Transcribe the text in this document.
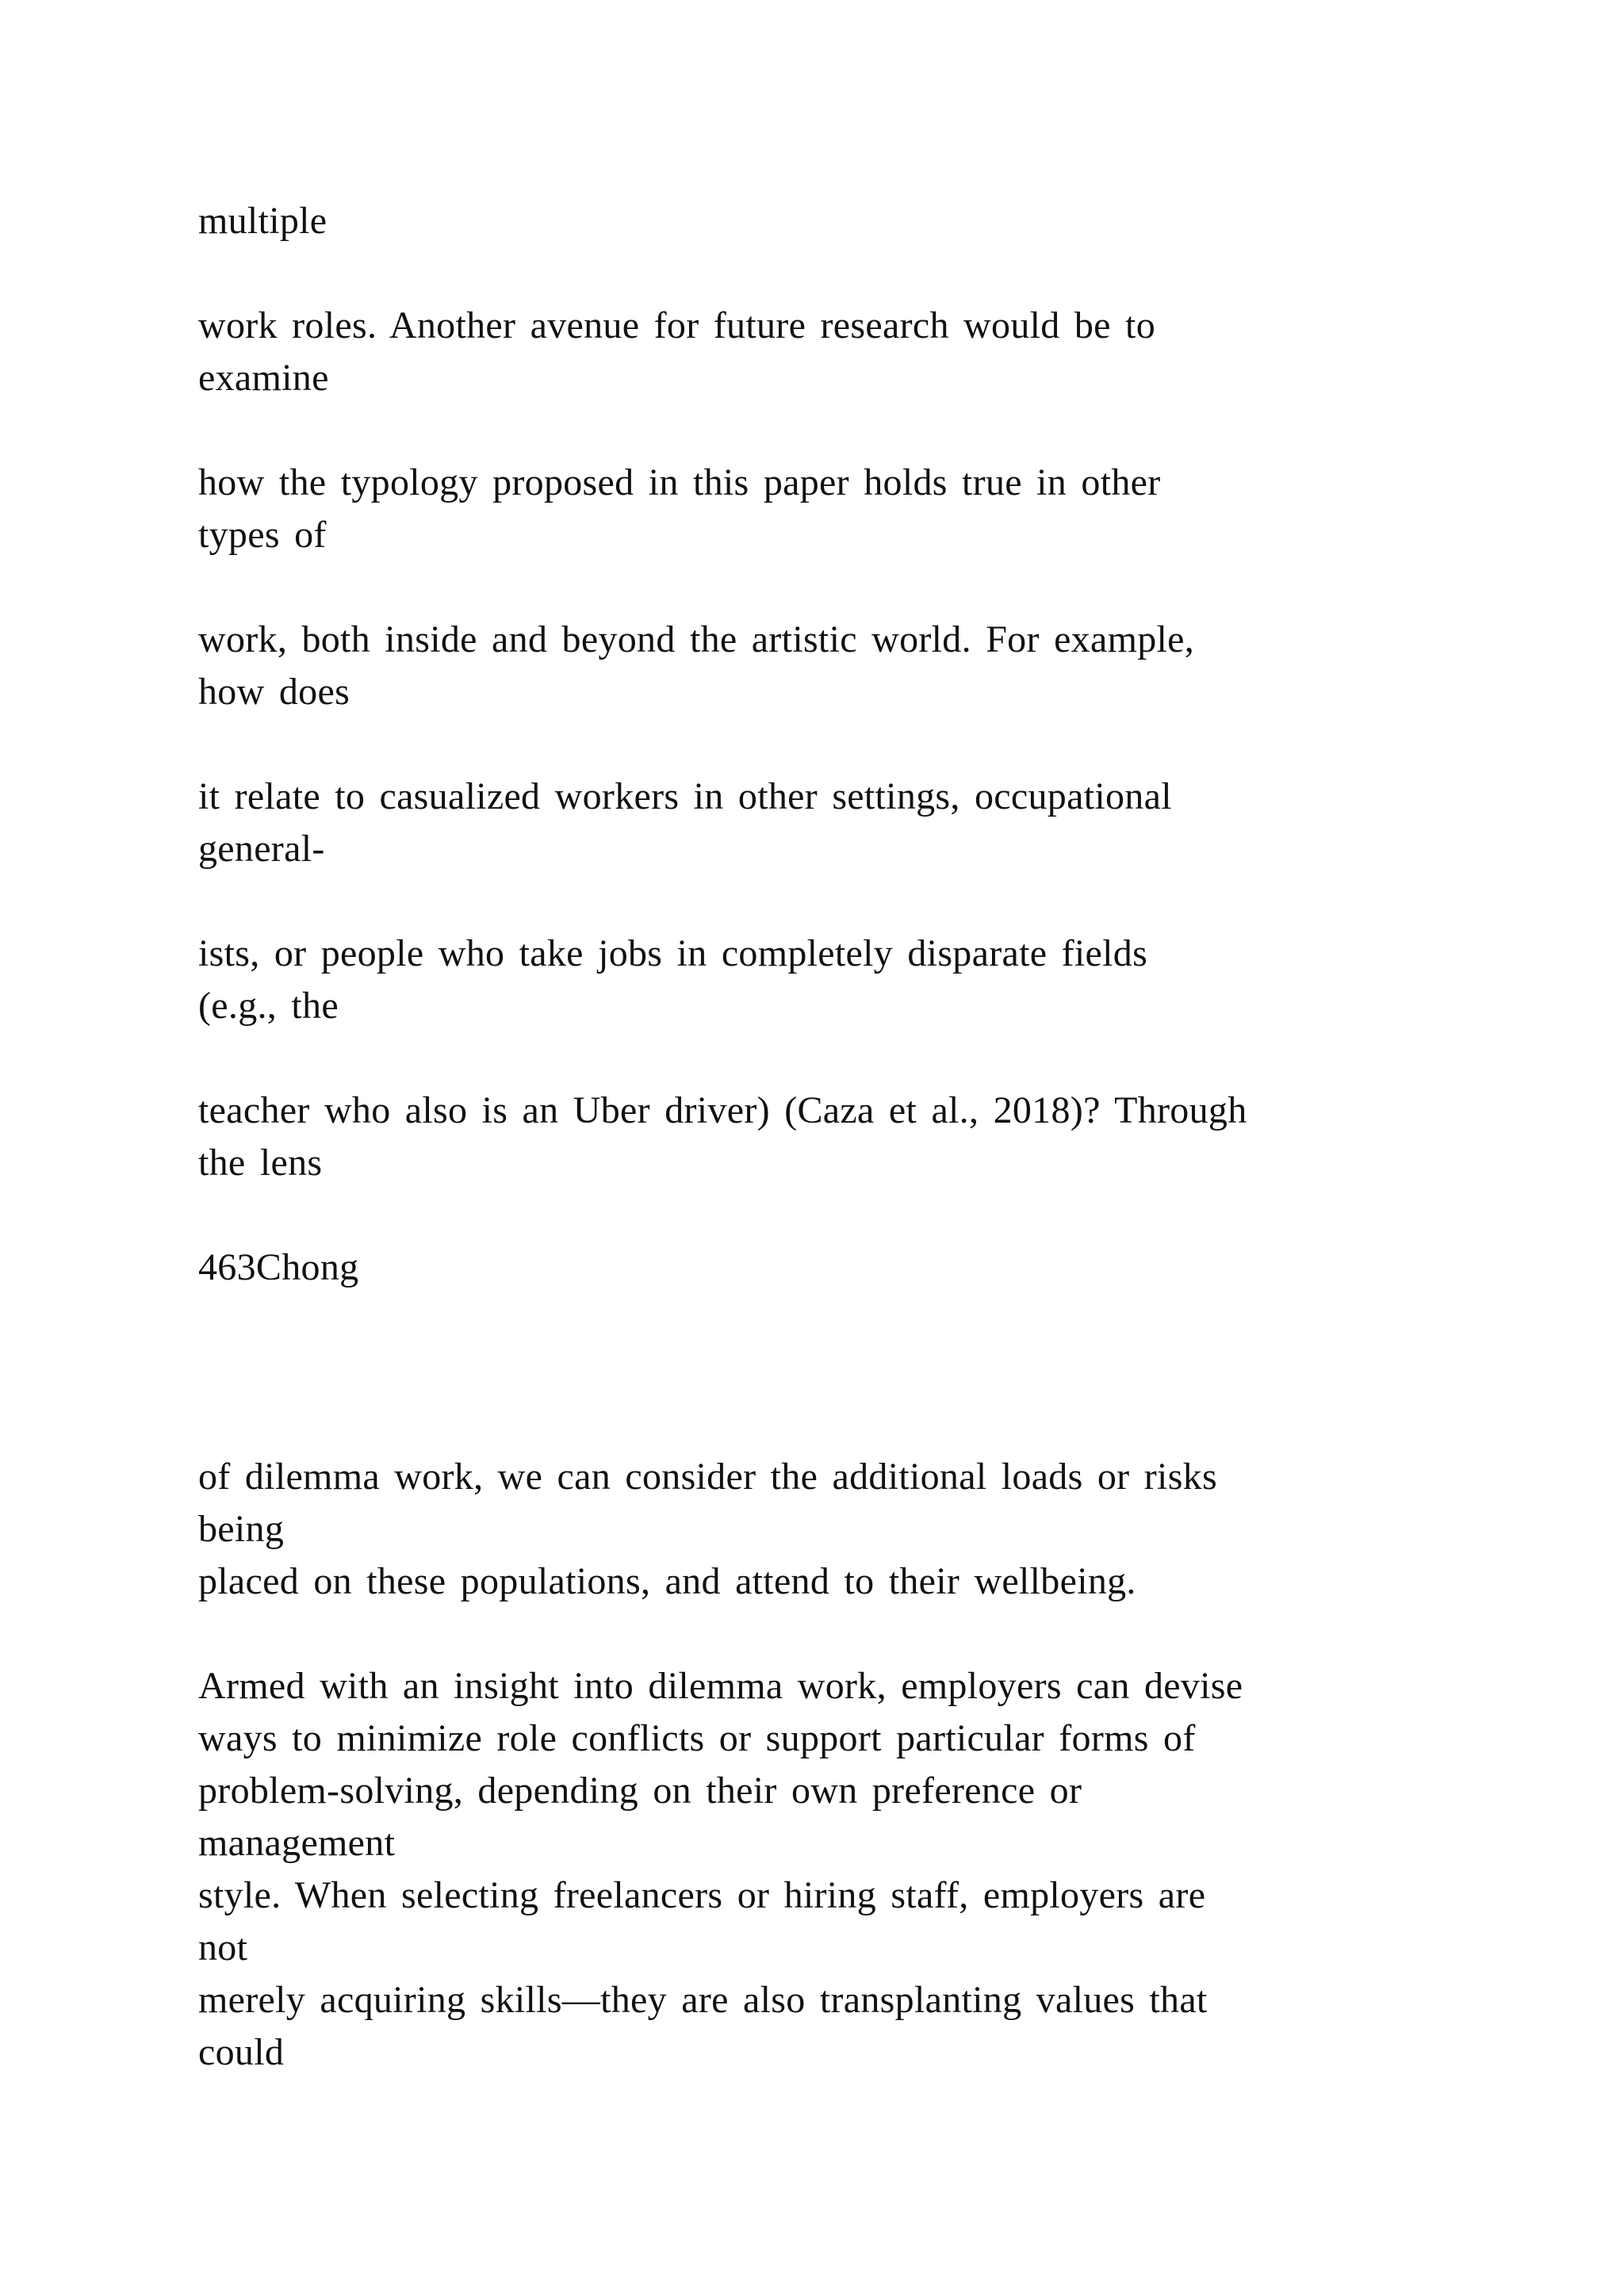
multiple
work roles. Another avenue for future research would be to
examine
how the typology proposed in this paper holds true in other
types of
work, both inside and beyond the artistic world. For example,
how does
it relate to casualized workers in other settings, occupational
general-
ists, or people who take jobs in completely disparate fields
(e.g., the
teacher who also is an Uber driver) (Caza et al., 2018)? Through
the lens
463Chong
of dilemma work, we can consider the additional loads or risks
being
placed on these populations, and attend to their wellbeing.
Armed with an insight into dilemma work, employers can devise
ways to minimize role conflicts or support particular forms of
problem-solving, depending on their own preference or
management
style. When selecting freelancers or hiring staff, employers are
not
merely acquiring skills—they are also transplanting values that
could
